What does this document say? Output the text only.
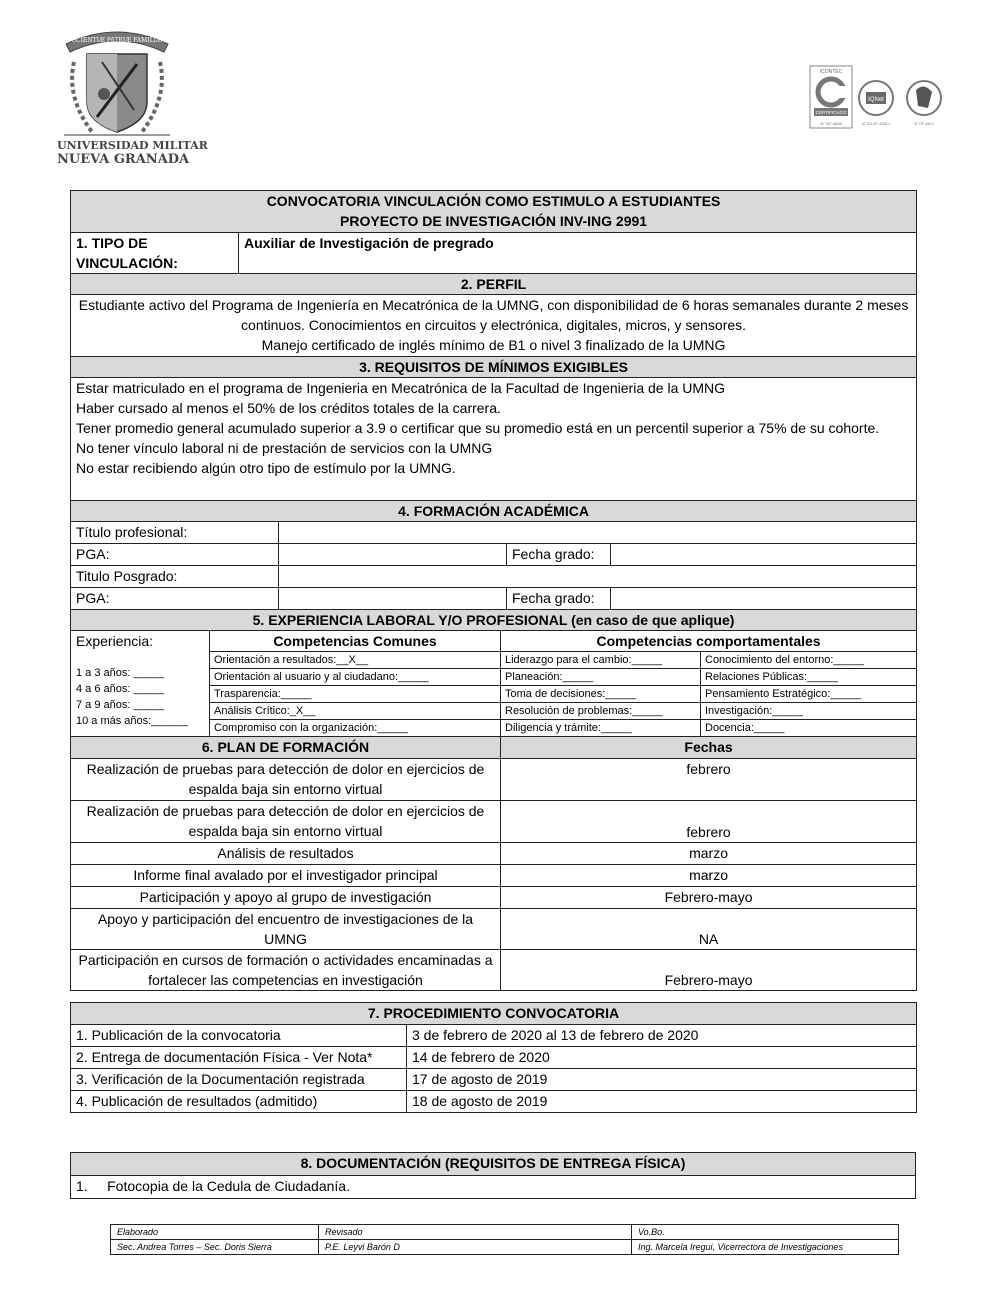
SCIENTIÆ PATRIÆ FAMILIÆ
UNIVERSIDAD MILITAR
NUEVA GRANADA
ICONTEC
CERTIFICADO
N° SC 4428
IQNet
N° CO-SC 4428-1	N° GP 443-1
CONVOCATORIA VINCULACIÓN COMO ESTIMULO A ESTUDIANTES
PROYECTO DE INVESTIGACIÓN INV-ING 2991							

1. TIPO DE VINCULACIÓN:		Auxiliar de Investigación de pregrado					
2. PERFIL							

Estudiante activo del Programa de Ingeniería en Mecatrónica de la UMNG, con disponibilidad de 6 horas semanales durante 2 meses continuos. Conocimientos en circuitos y electrónica, digitales, micros, y sensores.
Manejo certificado de inglés mínimo de B1 o nivel 3 finalizado de la UMNG							

3. REQUISITOS DE MÍNIMOS EXIGIBLES							

Estar matriculado en el programa de Ingenieria en Mecatrónica de la Facultad de Ingenieria de la UMNG
Haber cursado al menos el 50% de los créditos totales de la carrera.
Tener promedio general acumulado superior a 3.9 o certificar que su promedio está en un percentil superior a 75% de su cohorte.
No tener vínculo laboral ni de prestación de servicios con la UMNG
No estar recibiendo algún otro tipo de estímulo por la UMNG.							

4. FORMACIÓN ACADÉMICA							
Título profesional:							
PGA:					Fecha grado:		
Titulo Posgrado:							
PGA:					Fecha grado:		
5. EXPERIENCIA LABORAL Y/O PROFESIONAL (en caso de que aplique)							

Experiencia:
1 a 3 años: _____
4 a 6 años: _____
7 a 9 años: _____
10 a más años:______	Competencias Comunes			Competencias comportamentales			
	Orientación a resultados:__X__			Liderazgo para el cambio:_____			Conocimiento del entorno:_____
	Orientación al usuario y al ciudadano:_____			Planeación:_____			Relaciones Públicas:_____
	Trasparencia:_____			Toma de decisiones:_____			Pensamiento Estratégico:_____
	Análisis Crítico:_X__			Resolución de problemas:_____			Investigación:_____
	Compromiso con la organización:_____			Diligencia y trámite:_____			Docencia:_____
6. PLAN DE FORMACIÓN				Fechas			
Realización de pruebas para detección de dolor en ejercicios de espalda baja sin entorno virtual				febrero			
Realización de pruebas para detección de dolor en ejercicios de espalda baja sin entorno virtual				febrero			
Análisis de resultados				marzo			
Informe final avalado por el investigador principal				marzo			
Participación y apoyo al grupo de investigación				Febrero-mayo			
Apoyo y participación del encuentro de investigaciones de la UMNG				NA			
Participación en cursos de formación o actividades encaminadas a fortalecer las competencias en investigación				Febrero-mayo			
7. PROCEDIMIENTO CONVOCATORIA	
1. Publicación de la convocatoria	3 de febrero de 2020 al 13 de febrero de 2020
2. Entrega de documentación Física - Ver Nota*	14 de febrero de 2020
3. Verificación de la Documentación registrada	17 de agosto de 2019
4. Publicación de resultados (admitido)	18 de agosto de 2019
8. DOCUMENTACIÓN (REQUISITOS DE ENTREGA FÍSICA)
1.     Fotocopia de la Cedula de Ciudadanía.
Elaborado	Revisado	Vo.Bo.
Sec. Andrea Torres – Sec. Doris Sierra	P.E. Leyvi Barón D	Ing. Marcela Iregui, Vicerrectora de Investigaciones
